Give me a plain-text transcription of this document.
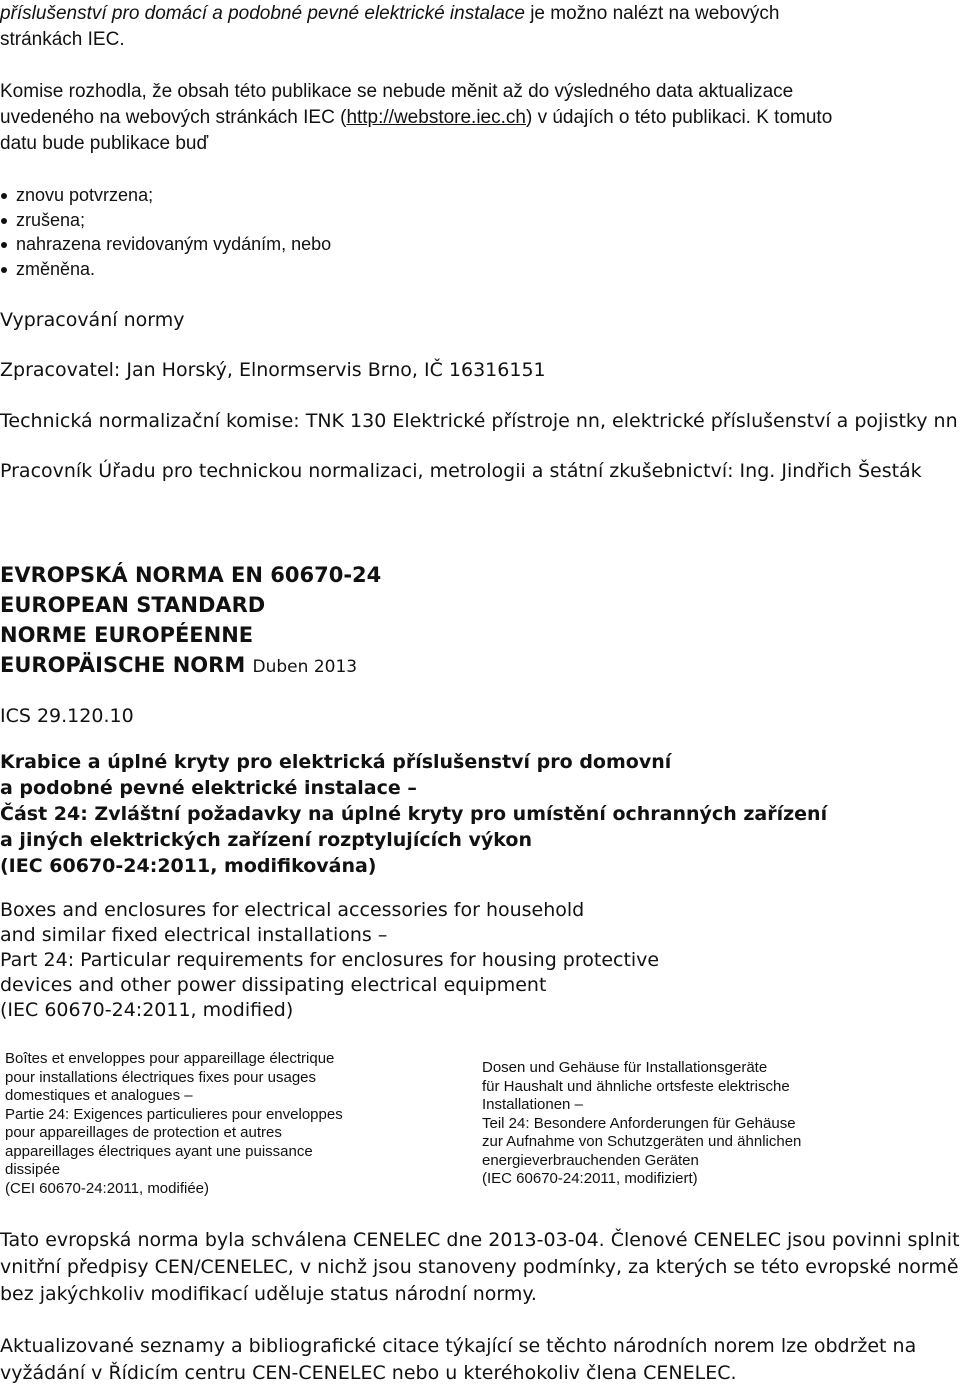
příslušenství pro domácí a podobné pevné elektrické instalace je možno nalézt na webových
stránkách IEC.
Komise rozhodla, že obsah této publikace se nebude měnit až do výsledného data aktualizace
uvedeného na webových stránkách IEC (http://webstore.iec.ch) v údajích o této publikaci. K tomuto
datu bude publikace buď
znovu potvrzena;
zrušena;
nahrazena revidovaným vydáním, nebo
změněna.
Vypracování normy
Zpracovatel: Jan Horský, Elnormservis Brno, IČ 16316151
Technická normalizační komise: TNK 130 Elektrické přístroje nn, elektrické příslušenství a pojistky nn
Pracovník Úřadu pro technickou normalizaci, metrologii a státní zkušebnictví: Ing. Jindřich Šesták
EVROPSKÁ NORMA EN 60670-24
EUROPEAN STANDARD
NORME EUROPÉENNE
EUROPÄISCHE NORM Duben 2013
ICS 29.120.10
Krabice a úplné kryty pro elektrická příslušenství pro domovní
a podobné pevné elektrické instalace –
Část 24: Zvláštní požadavky na úplné kryty pro umístění ochranných zařízení
a jiných elektrických zařízení rozptylujících výkon
(IEC 60670-24:2011, modifikována)
Boxes and enclosures for electrical accessories for household
and similar fixed electrical installations –
Part 24: Particular requirements for enclosures for housing protective
devices and other power dissipating electrical equipment
(IEC 60670-24:2011, modified)
Boîtes et enveloppes pour appareillage électrique
pour installations électriques fixes pour usages
domestiques et analogues –
Partie 24: Exigences particulieres pour enveloppes
pour appareillages de protection et autres
appareillages électriques ayant une puissance
dissipée
(CEI 60670-24:2011, modifiée)
Dosen und Gehäuse für Installationsgeräte
für Haushalt und ähnliche ortsfeste elektrische
Installationen –
Teil 24: Besondere Anforderungen für Gehäuse
zur Aufnahme von Schutzgeräten und ähnlichen
energieverbrauchenden Geräten
(IEC 60670-24:2011, modifiziert)
Tato evropská norma byla schválena CENELEC dne 2013-03-04. Členové CENELEC jsou povinni splnit
vnitřní předpisy CEN/CENELEC, v nichž jsou stanoveny podmínky, za kterých se této evropské normě
bez jakýchkoliv modifikací uděluje status národní normy.
Aktualizované seznamy a bibliografické citace týkající se těchto národních norem lze obdržet na
vyžádání v Řídicím centru CEN-CENELEC nebo u kteréhokoliv člena CENELEC.
